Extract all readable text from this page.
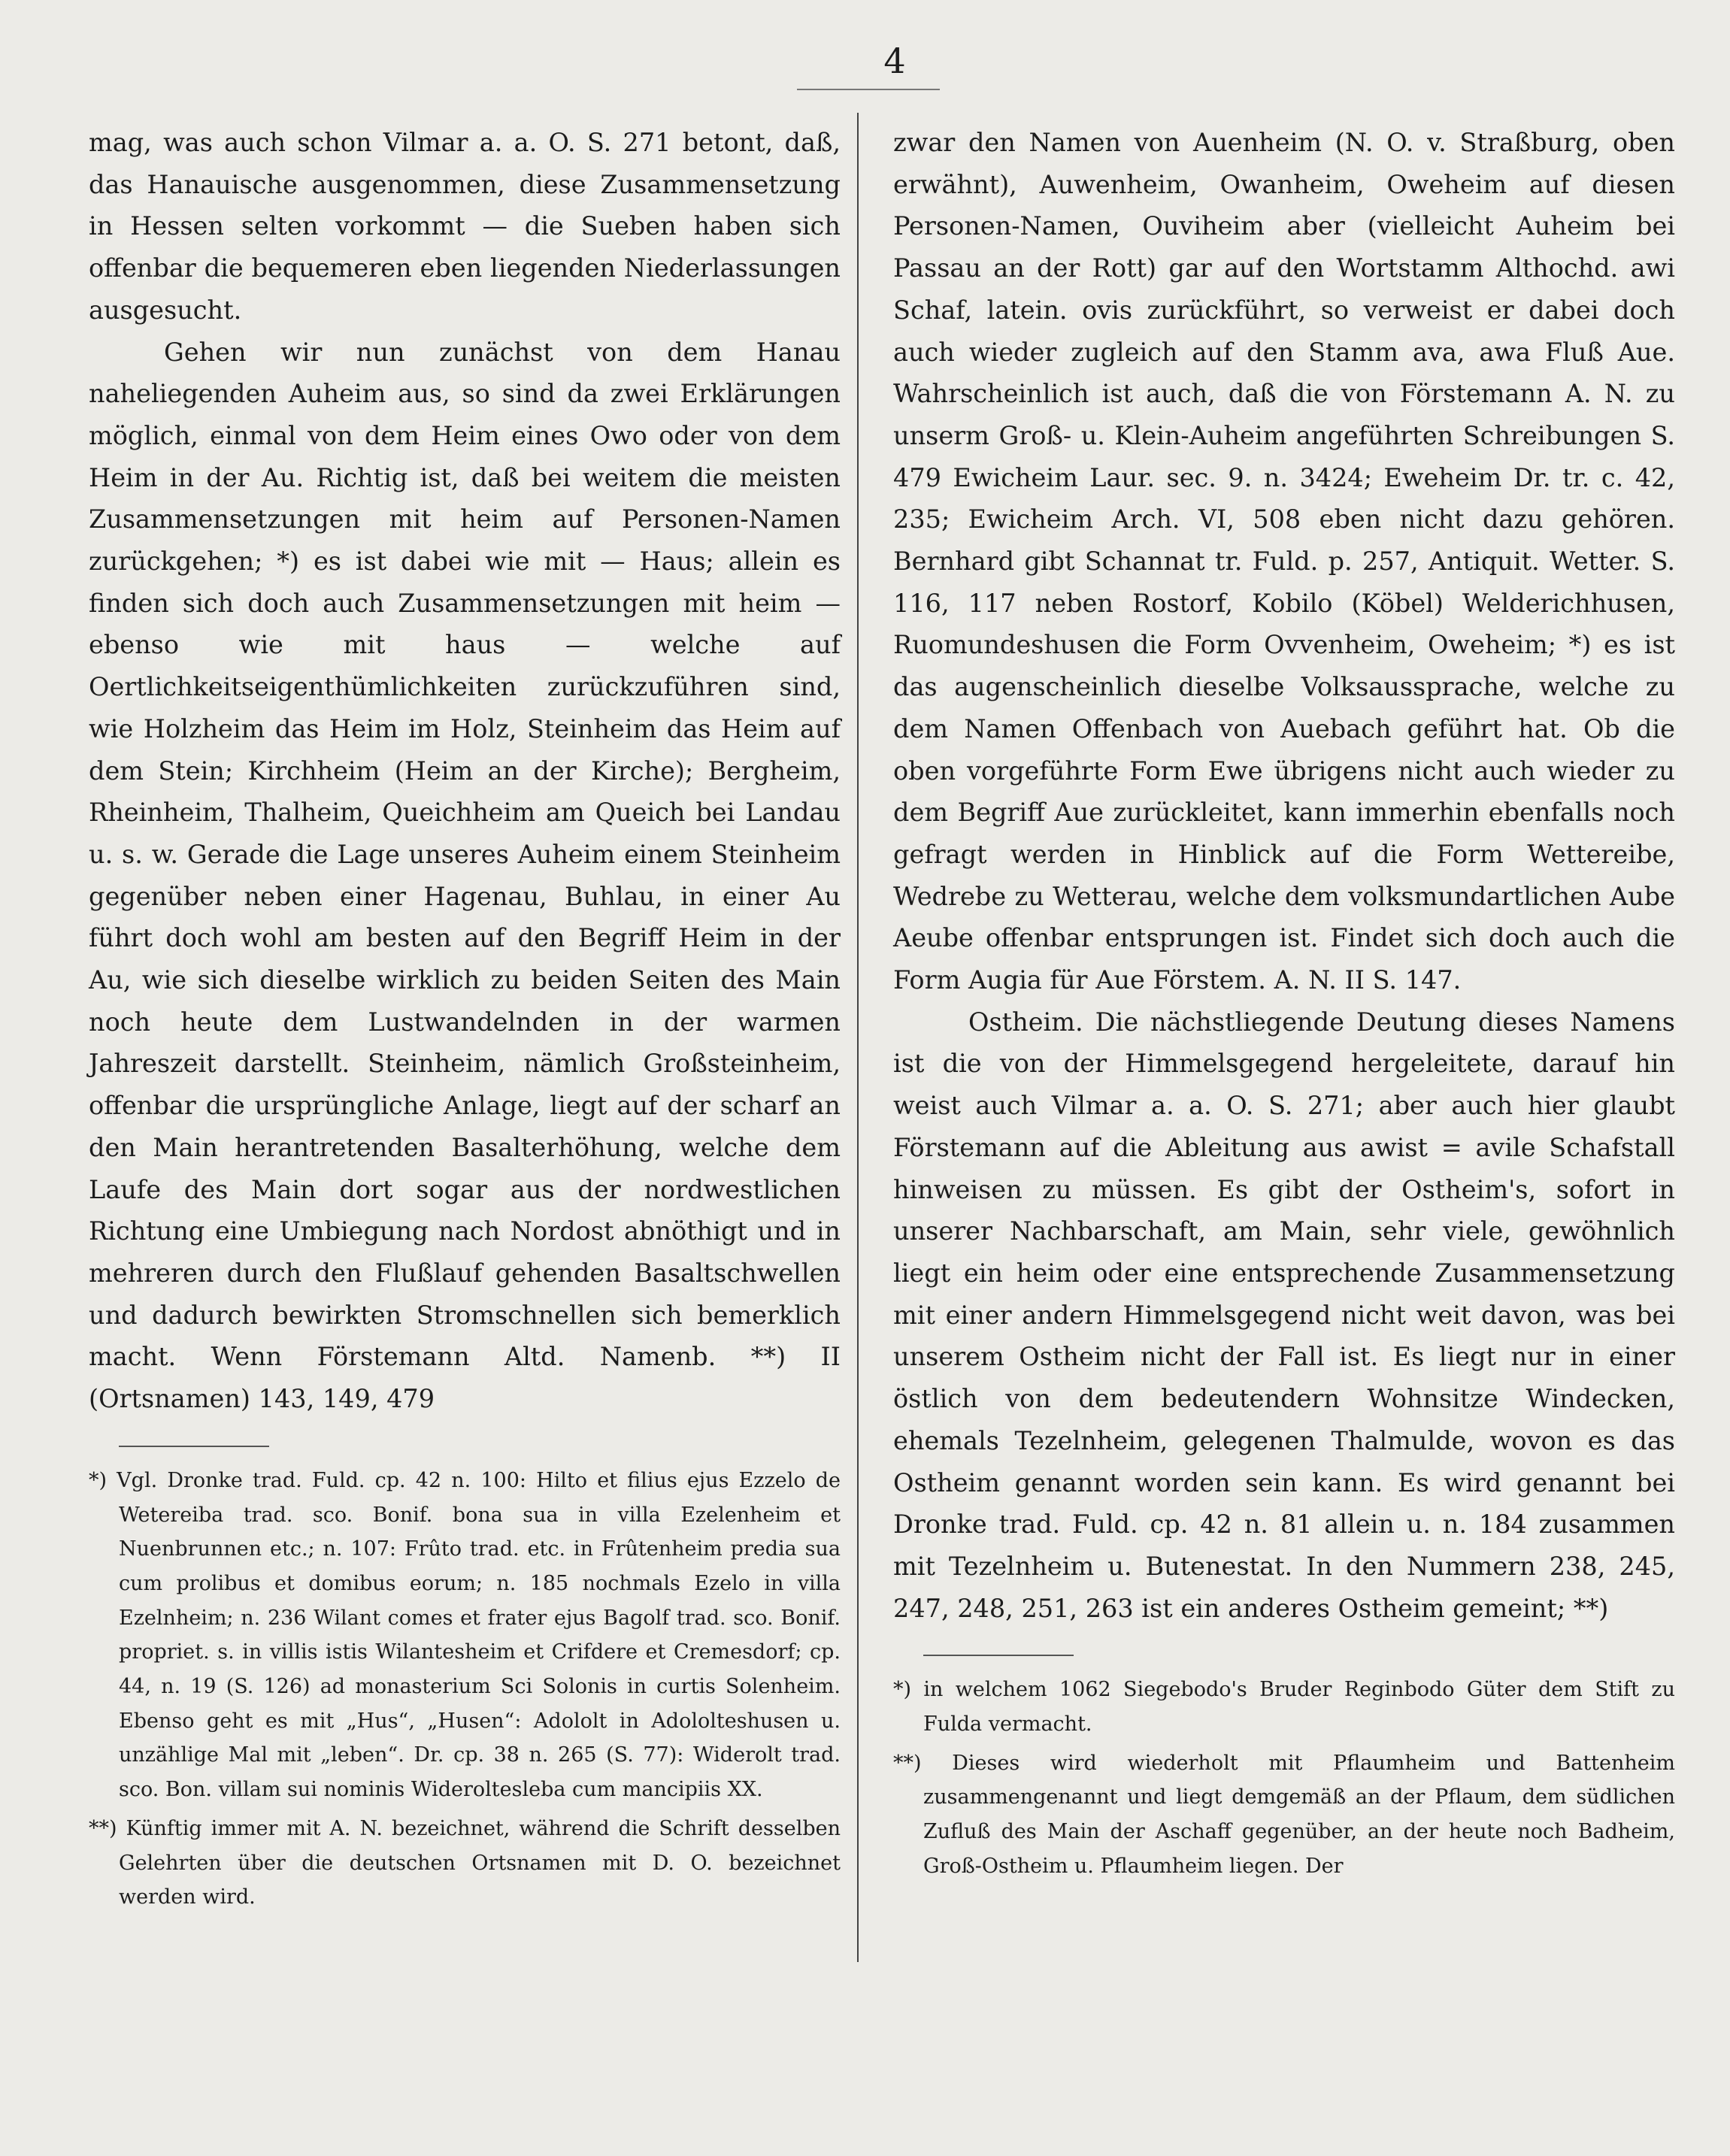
4

mag, was auch schon Vilmar a. a. O. S. 271 betont, daß, das Hanauische ausgenommen, diese Zusammensetzung in Hessen selten vorkommt — die Sueben haben sich offenbar die bequemeren eben liegenden Niederlassungen ausgesucht.

Gehen wir nun zunächst von dem Hanau naheliegenden Auheim aus, so sind da zwei Erklärungen möglich, einmal von dem Heim eines Owo oder von dem Heim in der Au. Richtig ist, daß bei weitem die meisten Zusammensetzungen mit heim auf Personen-Namen zurückgehen; *) es ist dabei wie mit — Haus; allein es finden sich doch auch Zusammensetzungen mit heim — ebenso wie mit haus — welche auf Oertlichkeitseigenthümlichkeiten zurückzuführen sind, wie Holzheim das Heim im Holz, Steinheim das Heim auf dem Stein; Kirchheim (Heim an der Kirche); Bergheim, Rheinheim, Thalheim, Queichheim am Queich bei Landau u. s. w. Gerade die Lage unseres Auheim einem Steinheim gegenüber neben einer Hagenau, Buhlau, in einer Au führt doch wohl am besten auf den Begriff Heim in der Au, wie sich dieselbe wirklich zu beiden Seiten des Main noch heute dem Lustwandelnden in der warmen Jahreszeit darstellt. Steinheim, nämlich Großsteinheim, offenbar die ursprüngliche Anlage, liegt auf der scharf an den Main herantretenden Basalterhöhung, welche dem Laufe des Main dort sogar aus der nordwestlichen Richtung eine Umbiegung nach Nordost abnöthigt und in mehreren durch den Flußlauf gehenden Basaltschwellen und dadurch bewirkten Stromschnellen sich bemerklich macht. Wenn Förstemann Altd. Namenb. **) II (Ortsnamen) 143, 149, 479

*) Vgl. Dronke trad. Fuld. cp. 42 n. 100: Hilto et filius ejus Ezzelo de Wetereiba trad. sco. Bonif. bona sua in villa Ezelenheim et Nuenbrunnen etc.; n. 107: Frûto trad. etc. in Frûtenheim predia sua cum prolibus et domibus eorum; n. 185 nochmals Ezelo in villa Ezelnheim; n. 236 Wilant comes et frater ejus Bagolf trad. sco. Bonif. propriet. s. in villis istis Wilantesheim et Crifdere et Cremesdorf; cp. 44, n. 19 (S. 126) ad monasterium Sci Solonis in curtis Solenheim. Ebenso geht es mit „Hus“, „Husen“: Adololt in Adololteshusen u. unzählige Mal mit „leben“. Dr. cp. 38 n. 265 (S. 77): Widerolt trad. sco. Bon. villam sui nominis Wideroltesleba cum mancipiis XX.

**) Künftig immer mit A. N. bezeichnet, während die Schrift desselben Gelehrten über die deutschen Ortsnamen mit D. O. bezeichnet werden wird.

zwar den Namen von Auenheim (N. O. v. Straßburg, oben erwähnt), Auwenheim, Owanheim, Oweheim auf diesen Personen-Namen, Ouviheim aber (vielleicht Auheim bei Passau an der Rott) gar auf den Wortstamm Althochd. awi Schaf, latein. ovis zurückführt, so verweist er dabei doch auch wieder zugleich auf den Stamm ava, awa Fluß Aue. Wahrscheinlich ist auch, daß die von Förstemann A. N. zu unserm Groß- u. Klein-Auheim angeführten Schreibungen S. 479 Ewicheim Laur. sec. 9. n. 3424; Eweheim Dr. tr. c. 42, 235; Ewicheim Arch. VI, 508 eben nicht dazu gehören. Bernhard gibt Schannat tr. Fuld. p. 257, Antiquit. Wetter. S. 116, 117 neben Rostorf, Kobilo (Köbel) Welderichhusen, Ruomundeshusen die Form Ovvenheim, Oweheim; *) es ist das augenscheinlich dieselbe Volksaussprache, welche zu dem Namen Offenbach von Auebach geführt hat. Ob die oben vorgeführte Form Ewe übrigens nicht auch wieder zu dem Begriff Aue zurückleitet, kann immerhin ebenfalls noch gefragt werden in Hinblick auf die Form Wettereibe, Wedrebe zu Wetterau, welche dem volksmundartlichen Aube Aeube offenbar entsprungen ist. Findet sich doch auch die Form Augia für Aue Förstem. A. N. II S. 147.

Ostheim. Die nächstliegende Deutung dieses Namens ist die von der Himmelsgegend hergeleitete, darauf hin weist auch Vilmar a. a. O. S. 271; aber auch hier glaubt Förstemann auf die Ableitung aus awist = avile Schafstall hinweisen zu müssen. Es gibt der Ostheim's, sofort in unserer Nachbarschaft, am Main, sehr viele, gewöhnlich liegt ein heim oder eine entsprechende Zusammensetzung mit einer andern Himmelsgegend nicht weit davon, was bei unserem Ostheim nicht der Fall ist. Es liegt nur in einer östlich von dem bedeutendern Wohnsitze Windecken, ehemals Tezelnheim, gelegenen Thalmulde, wovon es das Ostheim genannt worden sein kann. Es wird genannt bei Dronke trad. Fuld. cp. 42 n. 81 allein u. n. 184 zusammen mit Tezelnheim u. Butenestat. In den Nummern 238, 245, 247, 248, 251, 263 ist ein anderes Ostheim gemeint; **)

*) in welchem 1062 Siegebodo's Bruder Reginbodo Güter dem Stift zu Fulda vermacht.

**) Dieses wird wiederholt mit Pflaumheim und Battenheim zusammengenannt und liegt demgemäß an der Pflaum, dem südlichen Zufluß des Main der Aschaff gegenüber, an der heute noch Badheim, Groß-Ostheim u. Pflaumheim liegen. Der
